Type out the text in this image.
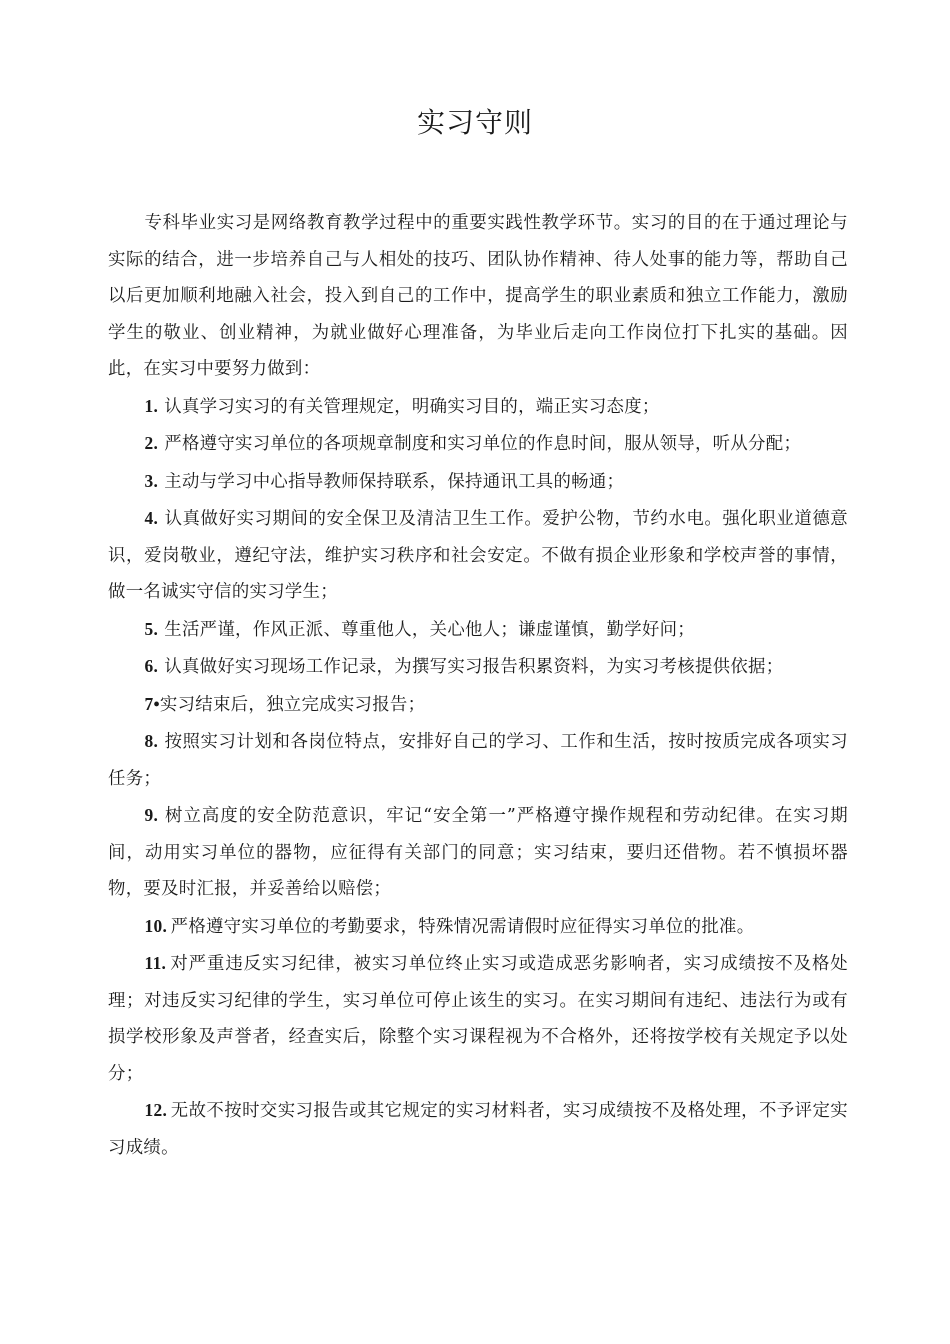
实习守则

专科毕业实习是网络教育教学过程中的重要实践性教学环节。实习的目的在于通过理论与实际的结合，进一步培养自己与人相处的技巧、团队协作精神、待人处事的能力等，帮助自己以后更加顺利地融入社会，投入到自己的工作中，提高学生的职业素质和独立工作能力，激励学生的敬业、创业精神，为就业做好心理准备，为毕业后走向工作岗位打下扎实的基础。因此，在实习中要努力做到：

1. 认真学习实习的有关管理规定，明确实习目的，端正实习态度；

2. 严格遵守实习单位的各项规章制度和实习单位的作息时间，服从领导，听从分配；

3. 主动与学习中心指导教师保持联系，保持通讯工具的畅通；

4. 认真做好实习期间的安全保卫及清洁卫生工作。爱护公物，节约水电。强化职业道德意识，爱岗敬业，遵纪守法，维护实习秩序和社会安定。不做有损企业形象和学校声誉的事情，做一名诚实守信的实习学生；

5. 生活严谨，作风正派、尊重他人，关心他人；谦虚谨慎，勤学好问；

6. 认真做好实习现场工作记录，为撰写实习报告积累资料，为实习考核提供依据；

7•实习结束后，独立完成实习报告；

8. 按照实习计划和各岗位特点，安排好自己的学习、工作和生活，按时按质完成各项实习任务；

9. 树立高度的安全防范意识，牢记“安全第一”严格遵守操作规程和劳动纪律。在实习期间，动用实习单位的器物，应征得有关部门的同意；实习结束，要归还借物。若不慎损坏器物，要及时汇报，并妥善给以赔偿；

10. 严格遵守实习单位的考勤要求，特殊情况需请假时应征得实习单位的批准。

11. 对严重违反实习纪律，被实习单位终止实习或造成恶劣影响者，实习成绩按不及格处理；对违反实习纪律的学生，实习单位可停止该生的实习。在实习期间有违纪、违法行为或有损学校形象及声誉者，经查实后，除整个实习课程视为不合格外，还将按学校有关规定予以处分；

12. 无故不按时交实习报告或其它规定的实习材料者，实习成绩按不及格处理，不予评定实习成绩。
